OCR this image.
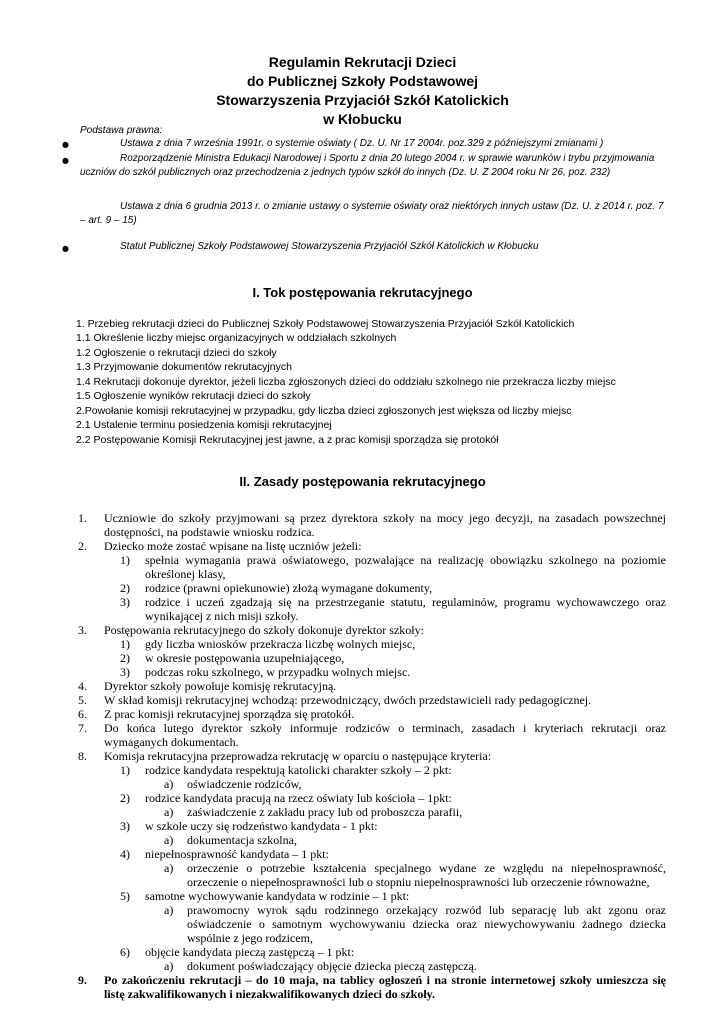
Regulamin Rekrutacji Dzieci
do Publicznej Szkoły Podstawowej
Stowarzyszenia Przyjaciół Szkół Katolickich
w Kłobucku
Podstawa prawna:
●	Ustawa z dnia 7 września 1991r. o systemie oświaty ( Dz. U. Nr 17 2004r. poz.329 z późniejszymi zmianami )
●	Rozporządzenie Ministra Edukacji Narodowej i Sportu z dnia 20 lutego 2004 r. w sprawie warunków i trybu przyjmowania uczniów do szkół publicznych oraz przechodzenia z jednych typów szkół do innych (Dz. U. Z 2004 roku Nr 26, poz. 232)
Ustawa z dnia 6 grudnia 2013 r. o zmianie ustawy o systemie oświaty oraz niektórych innych ustaw (Dz. U. z 2014 r. poz. 7 – art. 9 – 15)
●	Statut Publicznej Szkoły Podstawowej Stowarzyszenia Przyjaciół Szkół Katolickich w Kłobucku
I. Tok postępowania rekrutacyjnego
1. Przebieg rekrutacji dzieci do Publicznej Szkoły Podstawowej Stowarzyszenia Przyjaciół Szkół Katolickich
1.1 Określenie liczby miejsc organizacyjnych w oddziałach szkolnych
1.2 Ogłoszenie o rekrutacji dzieci do szkoły
1.3 Przyjmowanie dokumentów rekrutacyjnych
1.4 Rekrutacji dokonuje dyrektor, jeżeli liczba zgłoszonych dzieci do oddziału szkolnego nie przekracza liczby miejsc
1.5 Ogłoszenie wyników rekrutacji dzieci do szkoły
2.Powołanie komisji rekrutacyjnej w przypadku, gdy liczba dzieci zgłoszonych jest większa od liczby miejsc
2.1 Ustalenie terminu posiedzenia komisji rekrutacyjnej
2.2 Postępowanie Komisji Rekrutacyjnej jest jawne, a z prac komisji sporządza się protokół
II. Zasady postępowania rekrutacyjnego
1. Uczniowie do szkoły przyjmowani są przez dyrektora szkoły na mocy jego decyzji, na zasadach powszechnej dostępności, na podstawie wniosku rodzica.
2. Dziecko może zostać wpisane na listę uczniów jeżeli:
1) spełnia wymagania prawa oświatowego, pozwalające na realizację obowiązku szkolnego na poziomie określonej klasy,
2) rodzice (prawni opiekunowie) złożą wymagane dokumenty,
3) rodzice i uczeń zgadzają się na przestrzeganie statutu, regulaminów, programu wychowawczego oraz wynikającej z nich misji szkoły.
3. Postępowania rekrutacyjnego do szkoły dokonuje dyrektor szkoły:
1) gdy liczba wniosków przekracza liczbę wolnych miejsc,
2) w okresie postępowania uzupełniającego,
3) podczas roku szkolnego, w przypadku wolnych miejsc.
4. Dyrektor szkoły powołuje komisję rekrutacyjną.
5. W skład komisji rekrutacyjnej wchodzą: przewodniczący, dwóch przedstawicieli rady pedagogicznej.
6. Z prac komisji rekrutacyjnej sporządza się protokół.
7. Do końca lutego dyrektor szkoły informuje rodziców o terminach, zasadach i kryteriach rekrutacji oraz wymaganych dokumentach.
8. Komisja rekrutacyjna przeprowadza rekrutację w oparciu o następujące kryteria:
1) rodzice kandydata respektują katolicki charakter szkoły – 2 pkt:
a) oświadczenie rodziców,
2) rodzice kandydata pracują na rzecz oświaty lub kościoła – 1pkt:
a) zaświadczenie z zakładu pracy lub od proboszcza parafii,
3) w szkole uczy się rodzeństwo kandydata - 1 pkt:
a) dokumentacja szkolna,
4) niepełnosprawność kandydata – 1 pkt:
a) orzeczenie o potrzebie kształcenia specjalnego wydane ze względu na niepełnosprawność, orzeczenie o niepełnosprawności lub o stopniu niepełnosprawności lub orzeczenie równoważne,
5) samotne wychowywanie kandydata w rodzinie – 1 pkt:
a) prawomocny wyrok sądu rodzinnego orzekający rozwód lub separację lub akt zgonu oraz oświadczenie o samotnym wychowywaniu dziecka oraz niewychowywaniu żadnego dziecka wspólnie z jego rodzicem,
6) objęcie kandydata pieczą zastępczą – 1 pkt:
a) dokument poświadczający objęcie dziecka pieczą zastępczą.
9. Po zakończeniu rekrutacji – do 10 maja, na tablicy ogłoszeń i na stronie internetowej szkoły umieszcza się listę zakwalifikowanych i niezakwalifikowanych dzieci do szkoły.
